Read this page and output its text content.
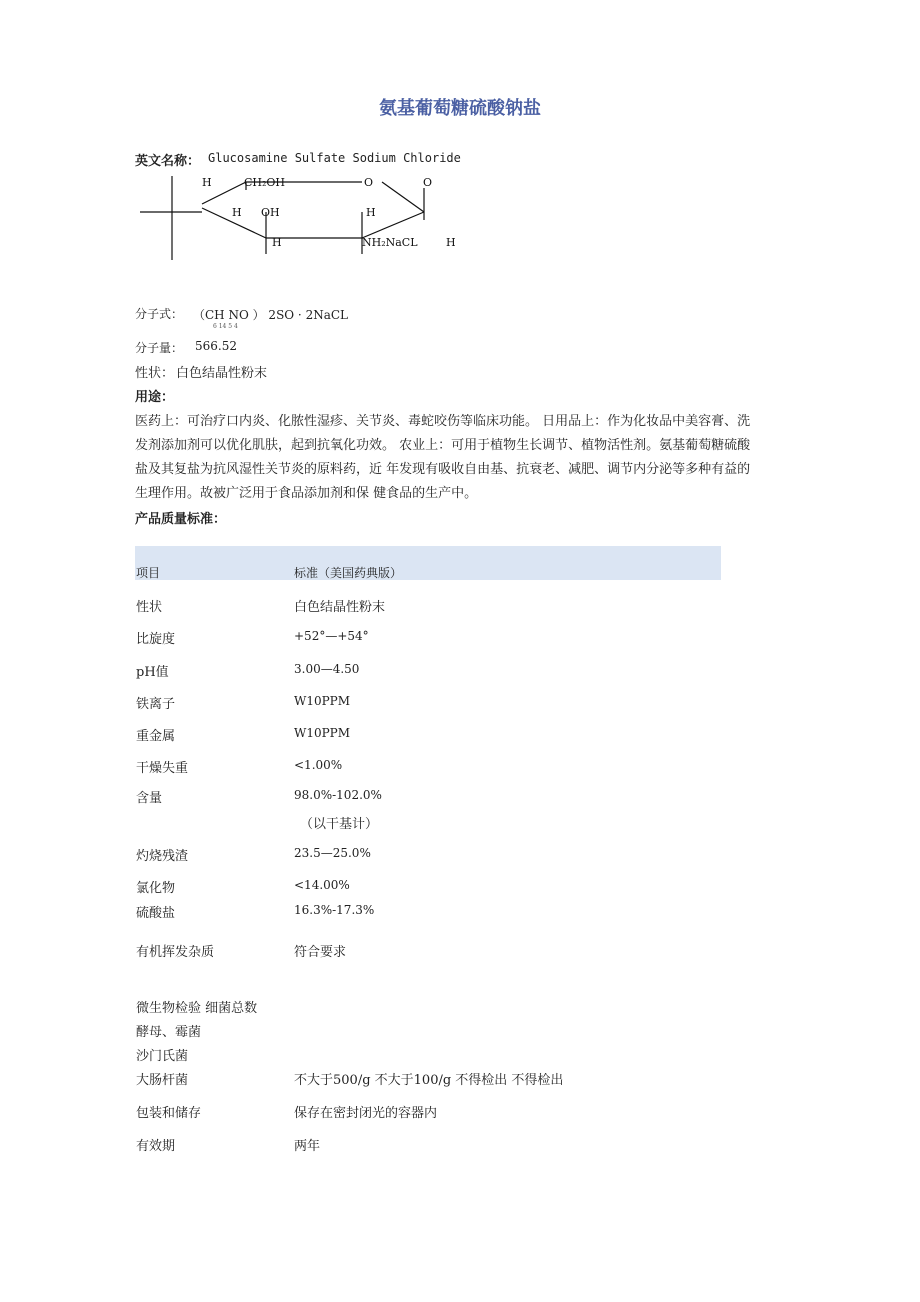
氨基葡萄糖硫酸钠盐
英文名称： Glucosamine Sulfate Sodium Chloride
H	CH₂OH	O	O
H OH	H
H	NH₂NaCL	H
分子式： （CH NO ） 2SO · 2NaCL
6 14 5 4
分子量： 566.52
性状： 白色结晶性粉末
用途：
医药上：可治疗口内炎、化脓性湿疹、关节炎、毒蛇咬伤等临床功能。 日用品上：作为化妆品中美容膏、洗
发剂添加剂可以优化肌肤，起到抗氧化功效。 农业上：可用于植物生长调节、植物活性剂。氨基葡萄糖硫酸
盐及其复盐为抗风湿性关节炎的原料药，近 年发现有吸收自由基、抗衰老、减肥、调节内分泌等多种有益的
生理作用。故被广泛用于食品添加剂和保 健食品的生产中。
产品质量标准：
项目	标准（美国药典版）
性状	白色结晶性粉末
比旋度	+52°—+54°
pH值	3.00—4.50
铁离子	W10PPM
重金属	W10PPM
干燥失重	<1.00%
含量	98.0%-102.0%
（以干基计）
灼烧残渣	23.5—25.0%
氯化物	<14.00%
硫酸盐	16.3%-17.3%
有机挥发杂质	符合要求
微生物检验 细菌总数
酵母、霉菌
沙门氏菌
大肠杆菌	不大于500/g 不大于100/g 不得检出 不得检出
包装和储存	保存在密封闭光的容器内
有效期	两年
